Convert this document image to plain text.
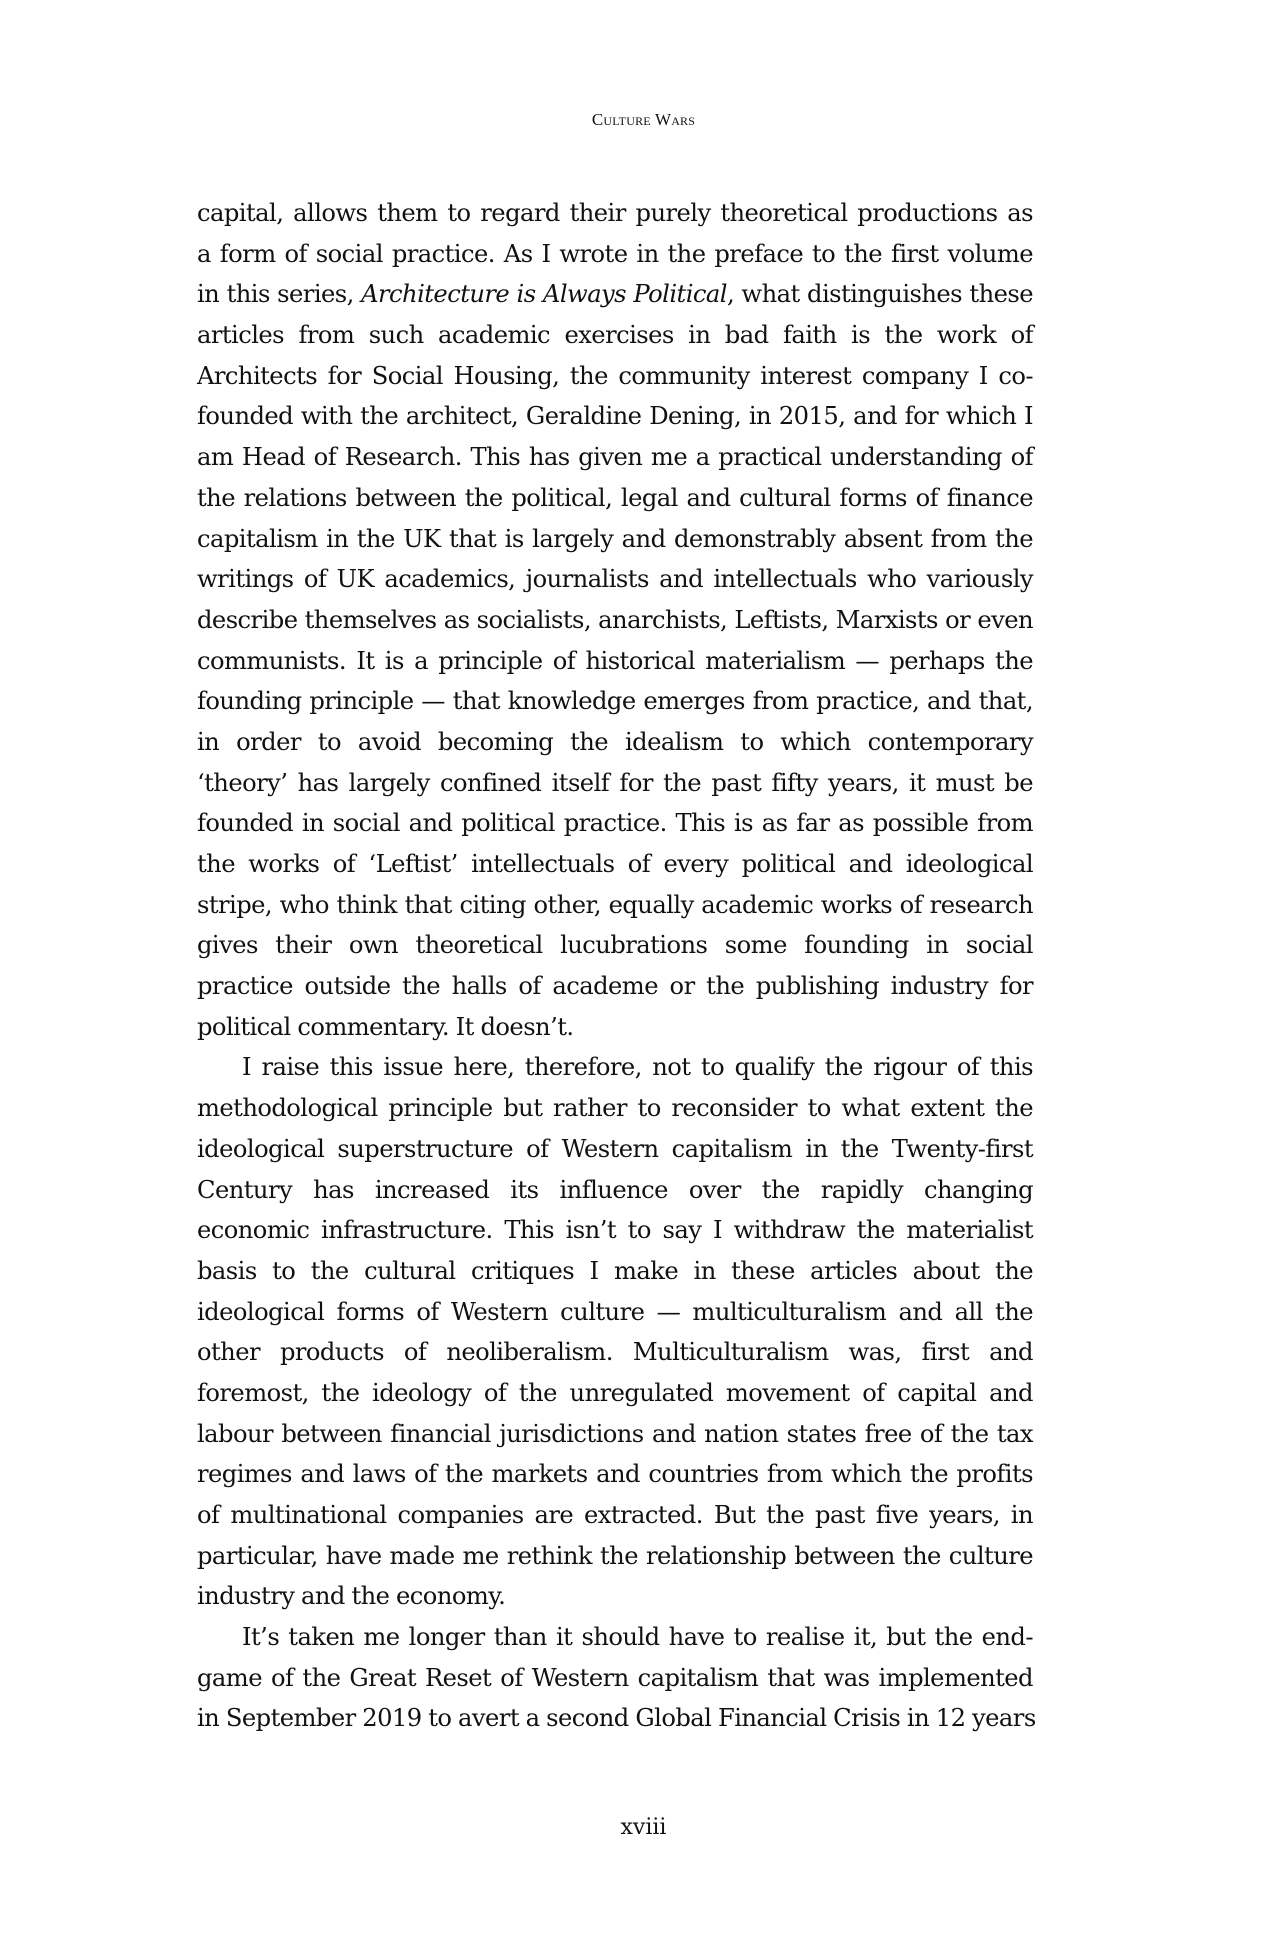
Culture Wars
capital, allows them to regard their purely theoretical productions as
a form of social practice. As I wrote in the preface to the first volume
in this series, Architecture is Always Political, what distinguishes these
articles from such academic exercises in bad faith is the work of
Architects for Social Housing, the community interest company I co-
founded with the architect, Geraldine Dening, in 2015, and for which I
am Head of Research. This has given me a practical understanding of
the relations between the political, legal and cultural forms of finance
capitalism in the UK that is largely and demonstrably absent from the
writings of UK academics, journalists and intellectuals who variously
describe themselves as socialists, anarchists, Leftists, Marxists or even
communists. It is a principle of historical materialism — perhaps the
founding principle — that knowledge emerges from practice, and that,
in order to avoid becoming the idealism to which contemporary
‘theory’ has largely confined itself for the past fifty years, it must be
founded in social and political practice. This is as far as possible from
the works of ‘Leftist’ intellectuals of every political and ideological
stripe, who think that citing other, equally academic works of research
gives their own theoretical lucubrations some founding in social
practice outside the halls of academe or the publishing industry for
political commentary. It doesn’t.
I raise this issue here, therefore, not to qualify the rigour of this
methodological principle but rather to reconsider to what extent the
ideological superstructure of Western capitalism in the Twenty-first
Century has increased its influence over the rapidly changing
economic infrastructure. This isn’t to say I withdraw the materialist
basis to the cultural critiques I make in these articles about the
ideological forms of Western culture — multiculturalism and all the
other products of neoliberalism. Multiculturalism was, first and
foremost, the ideology of the unregulated movement of capital and
labour between financial jurisdictions and nation states free of the tax
regimes and laws of the markets and countries from which the profits
of multinational companies are extracted. But the past five years, in
particular, have made me rethink the relationship between the culture
industry and the economy.
It’s taken me longer than it should have to realise it, but the end-
game of the Great Reset of Western capitalism that was implemented
in September 2019 to avert a second Global Financial Crisis in 12 years
xviii
